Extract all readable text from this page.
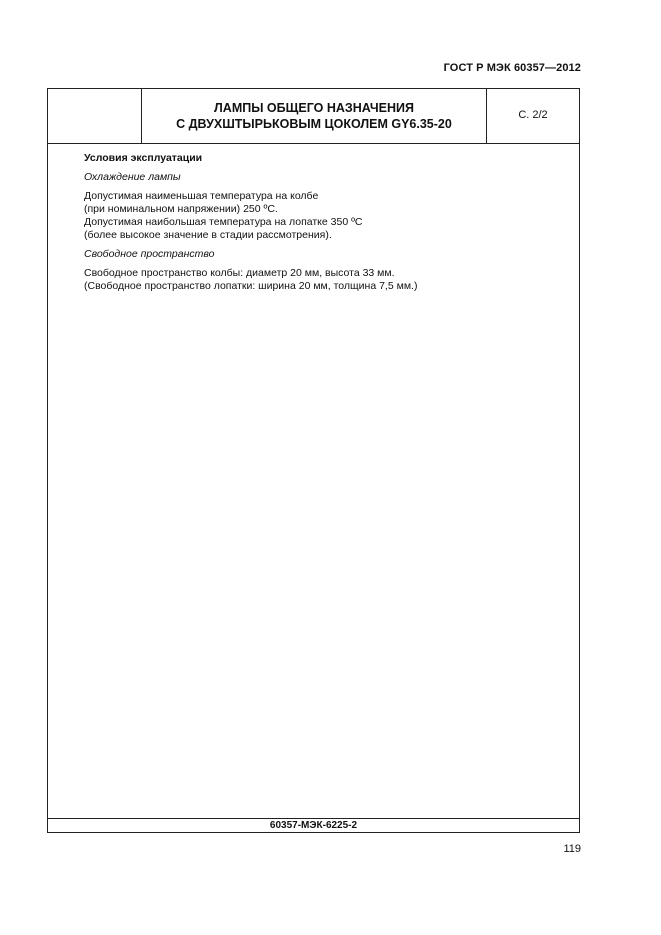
ГОСТ Р МЭК 60357—2012
ЛАМПЫ ОБЩЕГО НАЗНАЧЕНИЯ
С ДВУХШТЫРЬКОВЫМ ЦОКОЛЕМ GY6.35-20
С. 2/2

Условия эксплуатации

Охлаждение лампы

Допустимая наименьшая температура на колбе

(при номинальном напряжении) 250 ºС.

Допустимая наибольшая температура на лопатке 350 ºС

(более высокое значение в стадии рассмотрения).

Свободное пространство

Свободное пространство колбы: диаметр 20 мм, высота 33 мм.

(Свободное пространство лопатки: ширина 20 мм, толщина 7,5 мм.)

60357-МЭК-6225-2
119
